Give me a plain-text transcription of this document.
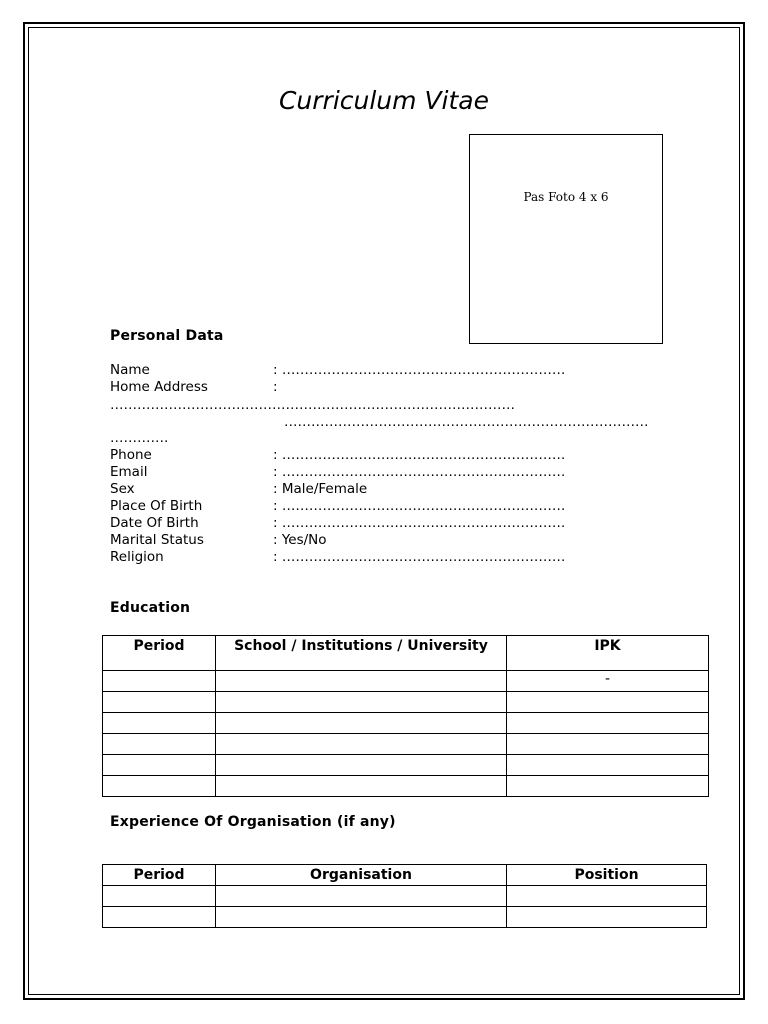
Curriculum Vitae
Pas Foto 4 x 6
Personal Data
Name	: ………………………………………………………
Home Address	:
………………………………………………………………………………
………………………………………………………………………
………….
Phone	: ………………………………………………………
Email	: ………………………………………………………
Sex	: Male/Female
Place Of Birth	: ………………………………………………………
Date Of Birth	: ………………………………………………………
Marital Status	: Yes/No
Religion	: ………………………………………………………
Education
Period	School / Institutions / University	IPK
		-

Experience Of Organisation (if any)
Period	Organisation	Position
